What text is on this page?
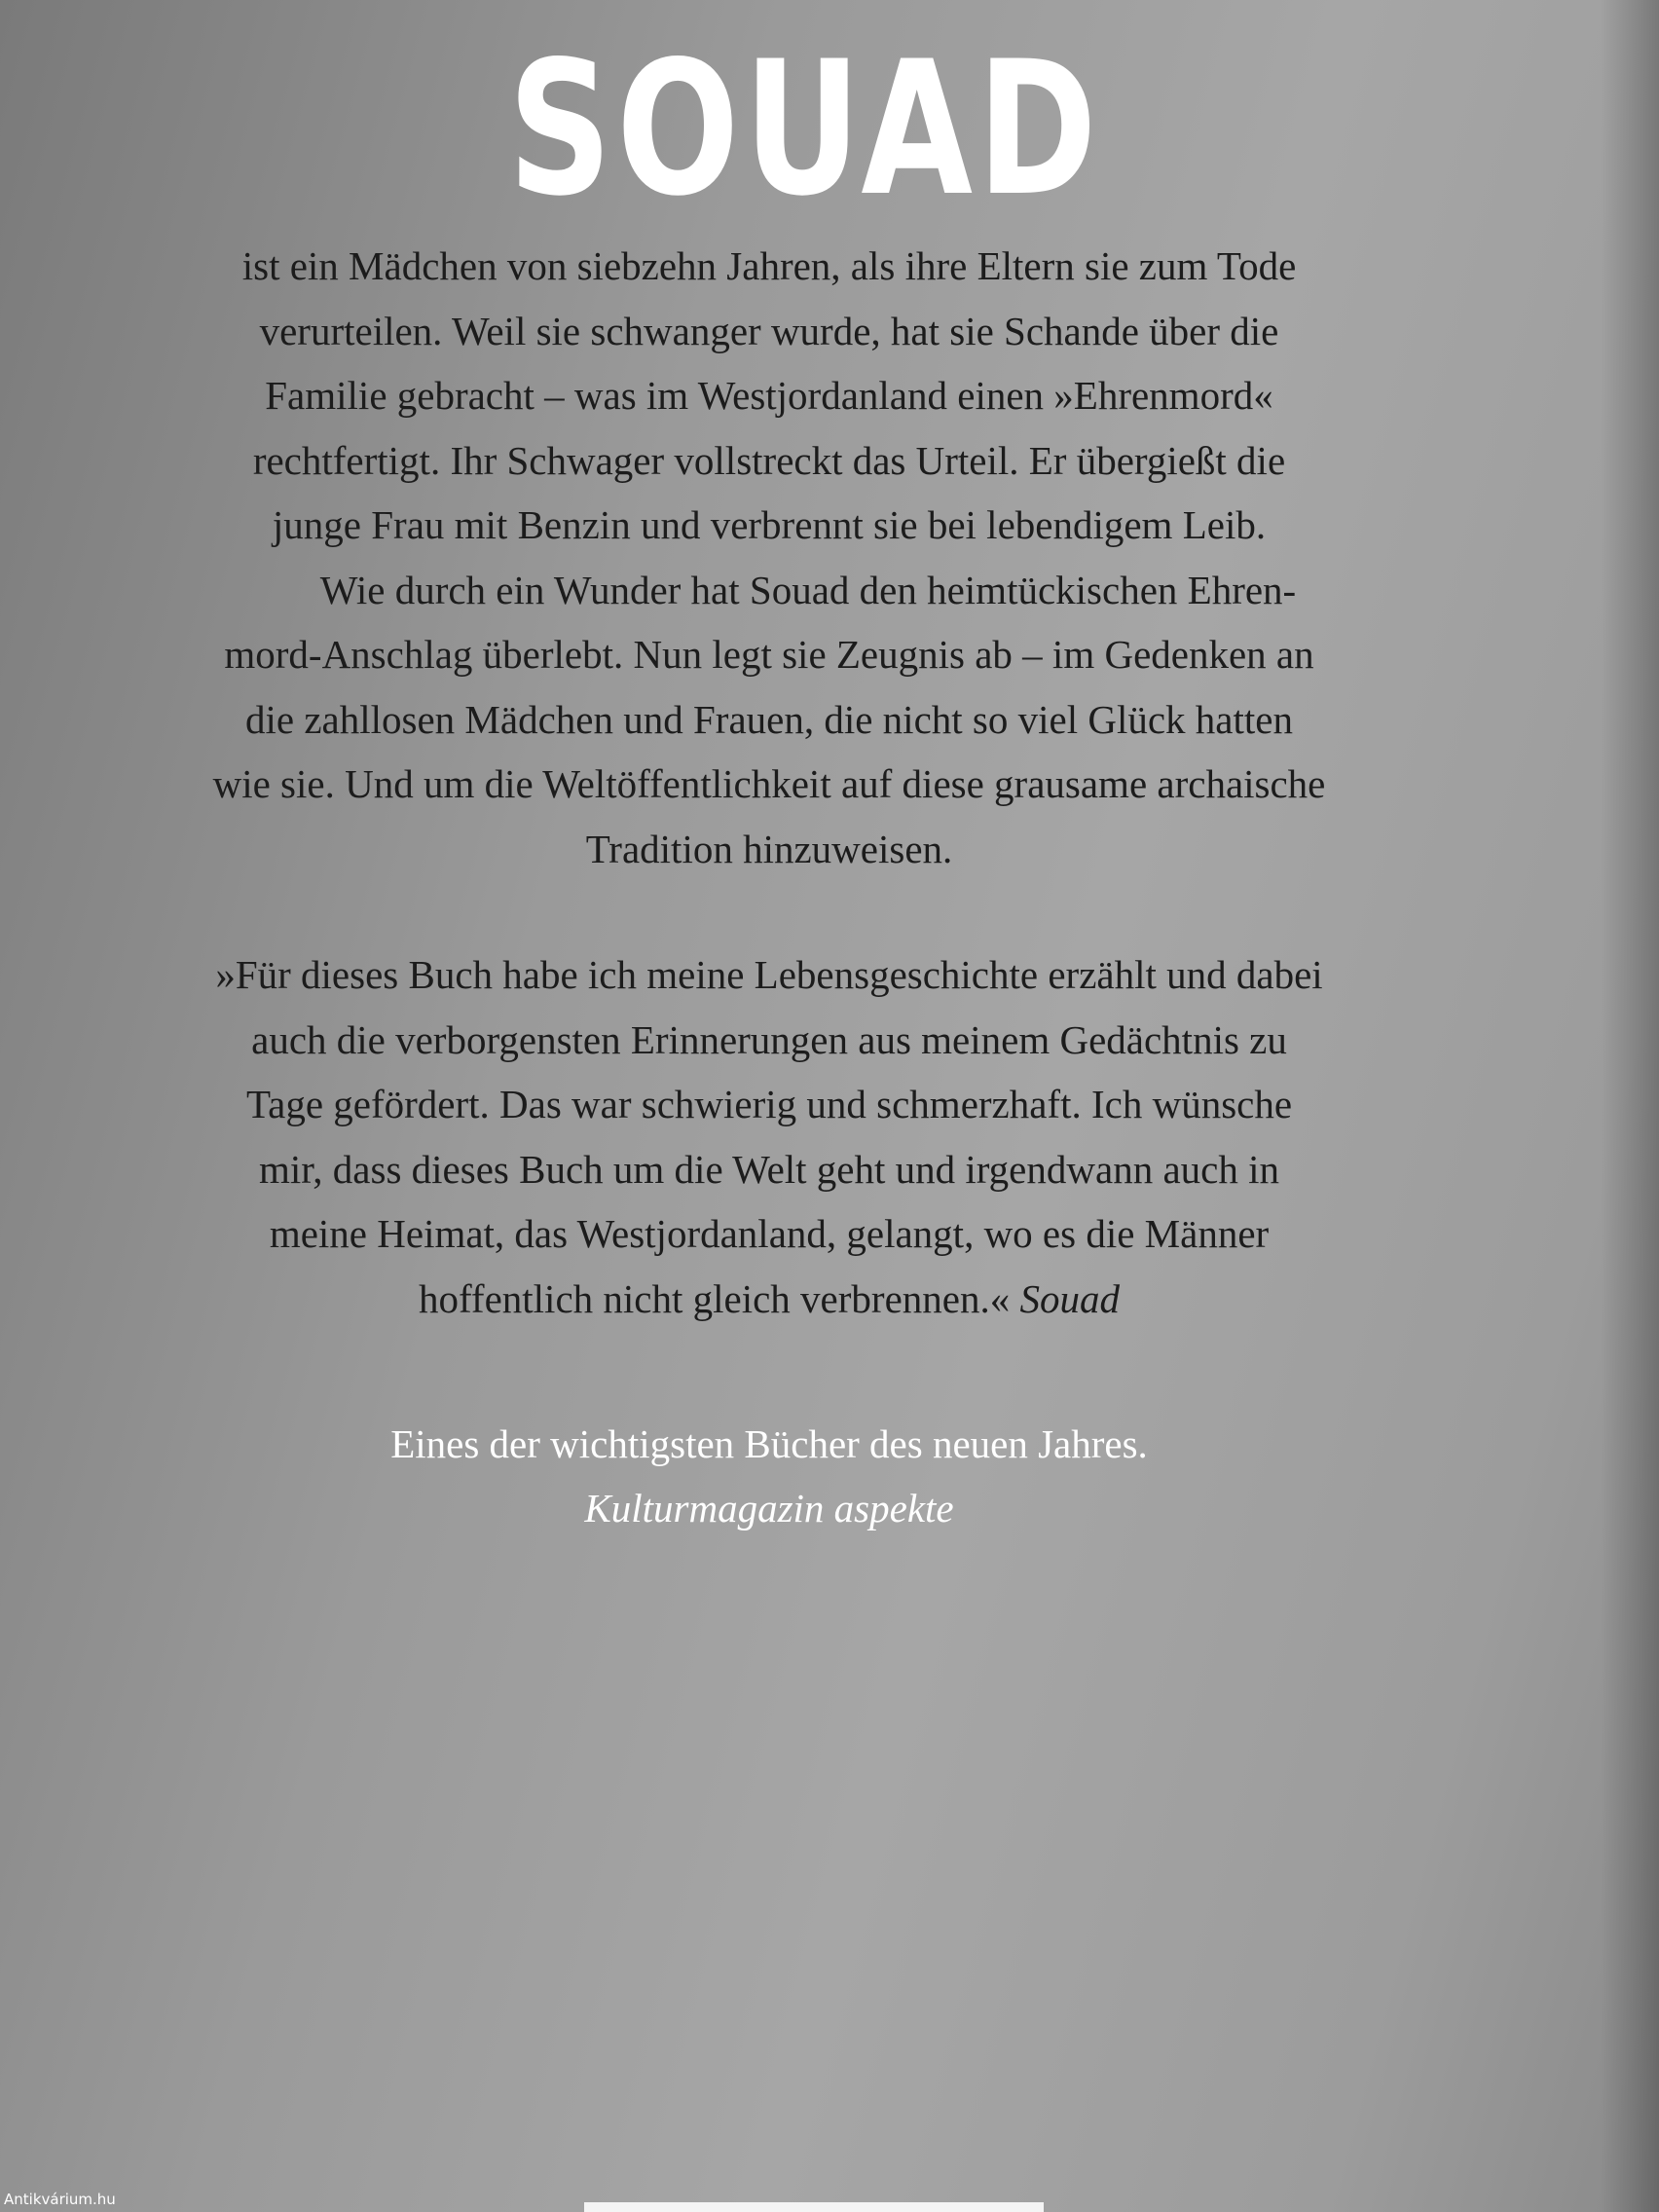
SOUAD
ist ein Mädchen von siebzehn Jahren, als ihre Eltern sie zum Tode
verurteilen. Weil sie schwanger wurde, hat sie Schande über die
Familie gebracht – was im Westjordanland einen »Ehrenmord«
rechtfertigt. Ihr Schwager vollstreckt das Urteil. Er übergießt die
junge Frau mit Benzin und verbrennt sie bei lebendigem Leib.
Wie durch ein Wunder hat Souad den heimtückischen Ehren-
mord-Anschlag überlebt. Nun legt sie Zeugnis ab – im Gedenken an
die zahllosen Mädchen und Frauen, die nicht so viel Glück hatten
wie sie. Und um die Weltöffentlichkeit auf diese grausame archaische
Tradition hinzuweisen.
»Für dieses Buch habe ich meine Lebensgeschichte erzählt und dabei
auch die verborgensten Erinnerungen aus meinem Gedächtnis zu
Tage gefördert. Das war schwierig und schmerzhaft. Ich wünsche
mir, dass dieses Buch um die Welt geht und irgendwann auch in
meine Heimat, das Westjordanland, gelangt, wo es die Männer
hoffentlich nicht gleich verbrennen.« Souad
Eines der wichtigsten Bücher des neuen Jahres.
Kulturmagazin aspekte
Antikvárium.hu
